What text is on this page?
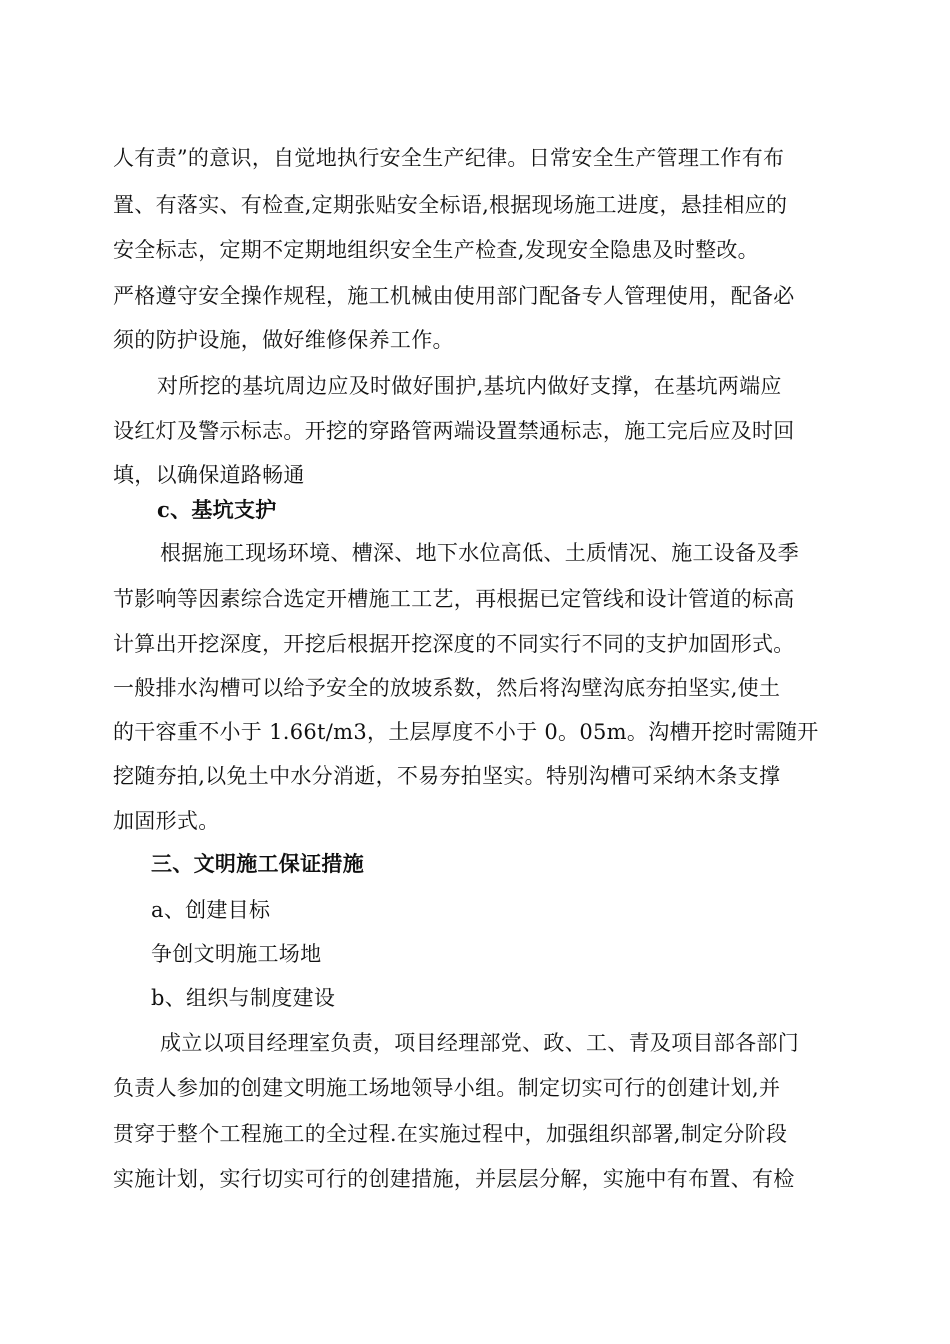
人有责”的意识，自觉地执行安全生产纪律。日常安全生产管理工作有布
置、有落实、有检查,定期张贴安全标语,根据现场施工进度，悬挂相应的
安全标志，定期不定期地组织安全生产检查,发现安全隐患及时整改。
严格遵守安全操作规程，施工机械由使用部门配备专人管理使用，配备必
须的防护设施，做好维修保养工作。
对所挖的基坑周边应及时做好围护,基坑内做好支撑，在基坑两端应
设红灯及警示标志。开挖的穿路管两端设置禁通标志，施工完后应及时回
填，以确保道路畅通
c、基坑支护
根据施工现场环境、槽深、地下水位高低、土质情况、施工设备及季
节影响等因素综合选定开槽施工工艺，再根据已定管线和设计管道的标高
计算出开挖深度，开挖后根据开挖深度的不同实行不同的支护加固形式。
一般排水沟槽可以给予安全的放坡系数，然后将沟壁沟底夯拍坚实,使土
的干容重不小于 1.66t/m3，土层厚度不小于 0。05m。沟槽开挖时需随开
挖随夯拍,以免土中水分消逝，不易夯拍坚实。特别沟槽可采纳木条支撑
加固形式。
三、文明施工保证措施
a、创建目标
争创文明施工场地
b、组织与制度建设
成立以项目经理室负责，项目经理部党、政、工、青及项目部各部门
负责人参加的创建文明施工场地领导小组。制定切实可行的创建计划,并
贯穿于整个工程施工的全过程.在实施过程中，加强组织部署,制定分阶段
实施计划，实行切实可行的创建措施，并层层分解，实施中有布置、有检
